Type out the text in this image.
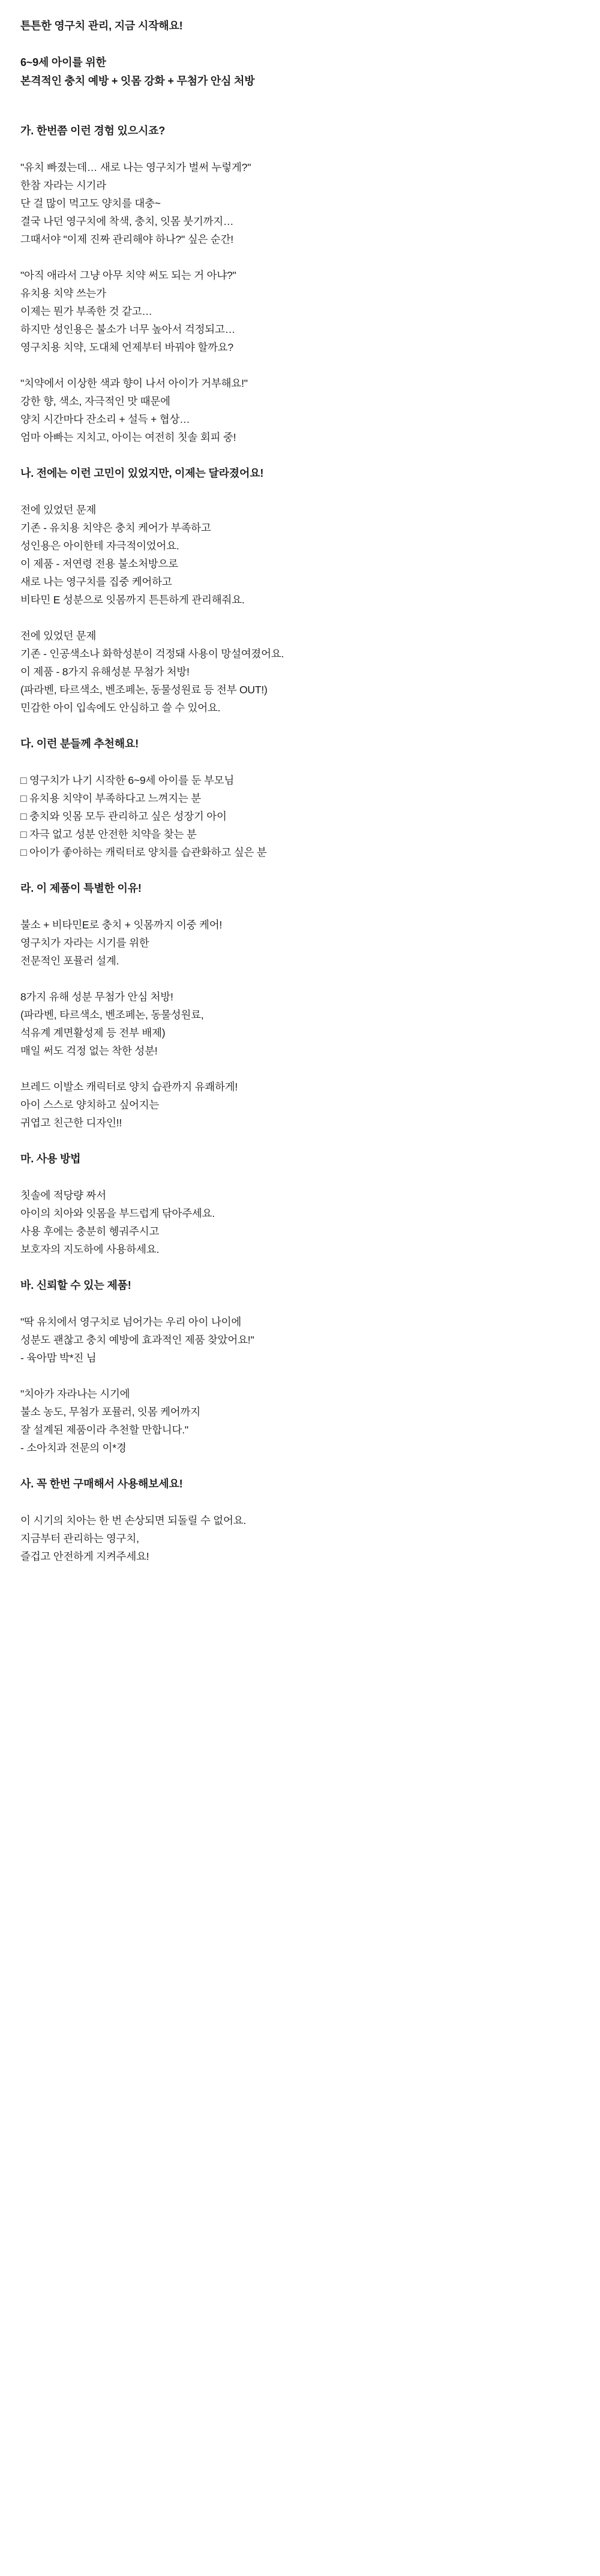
튼튼한 영구치 관리, 지금 시작해요!
6~9세 아이를 위한
본격적인 충치 예방 + 잇몸 강화 + 무첨가 안심 처방
가. 한번쯤 이런 경험 있으시죠?
"유치 빠졌는데… 새로 나는 영구치가 벌써 누렇게?"
한참 자라는 시기라
단 걸 많이 먹고도 양치를 대충~
결국 나던 영구치에 착색, 충치, 잇몸 붓기까지…
그때서야 "이제 진짜 관리해야 하나?" 싶은 순간!
"아직 애라서 그냥 아무 치약 써도 되는 거 아냐?"
유치용 치약 쓰는가
이제는 뭔가 부족한 것 같고…
하지만 성인용은 불소가 너무 높아서 걱정되고…
영구치용 치약, 도대체 언제부터 바꿔야 할까요?
"치약에서 이상한 색과 향이 나서 아이가 거부해요!"
강한 향, 색소, 자극적인 맛 때문에
양치 시간마다 잔소리 + 설득 + 협상…
엄마 아빠는 지치고, 아이는 여전히 칫솔 회피 중!
나. 전에는 이런 고민이 있었지만, 이제는 달라졌어요!
전에 있었던 문제
기존 - 유치용 치약은 충치 케어가 부족하고
성인용은 아이한테 자극적이었어요.
이 제품 - 저연령 전용 불소처방으로
새로 나는 영구치를 집중 케어하고
비타민 E 성분으로 잇몸까지 튼튼하게 관리해줘요.
전에 있었던 문제
기존 - 인공색소나 화학성분이 걱정돼 사용이 망설여졌어요.
이 제품 - 8가지 유해성분 무첨가 처방!
(파라벤, 타르색소, 벤조페논, 동물성원료 등 전부 OUT!)
민감한 아이 입속에도 안심하고 쓸 수 있어요.
다. 이런 분들께 추천해요!
□ 영구치가 나기 시작한 6~9세 아이를 둔 부모님
□ 유치용 치약이 부족하다고 느껴지는 분
□ 충치와 잇몸 모두 관리하고 싶은 성장기 아이
□ 자극 없고 성분 안전한 치약을 찾는 분
□ 아이가 좋아하는 캐릭터로 양치를 습관화하고 싶은 분
라. 이 제품이 특별한 이유!
불소 + 비타민E로 충치 + 잇몸까지 이중 케어!
영구치가 자라는 시기를 위한
전문적인 포뮬러 설계.
8가지 유해 성분 무첨가 안심 처방!
(파라벤, 타르색소, 벤조페논, 동물성원료,
석유계 계면활성제 등 전부 배제)
매일 써도 걱정 없는 착한 성분!
브레드 이발소 캐릭터로 양치 습관까지 유쾌하게!
아이 스스로 양치하고 싶어지는
귀엽고 친근한 디자인!!
마. 사용 방법
칫솔에 적당량 짜서
아이의 치아와 잇몸을 부드럽게 닦아주세요.
사용 후에는 충분히 헹궈주시고
보호자의 지도하에 사용하세요.
바. 신뢰할 수 있는 제품!
"딱 유치에서 영구치로 넘어가는 우리 아이 나이에
성분도 괜찮고 충치 예방에 효과적인 제품 찾았어요!"
- 육아맘 박*진 님
"치아가 자라나는 시기에
불소 농도, 무첨가 포뮬러, 잇몸 케어까지
잘 설계된 제품이라 추천할 만합니다."
- 소아치과 전문의 이*경
사. 꼭 한번 구매해서 사용해보세요!
이 시기의 치아는 한 번 손상되면 되돌릴 수 없어요.
지금부터 관리하는 영구치,
즐겁고 안전하게 지켜주세요!
